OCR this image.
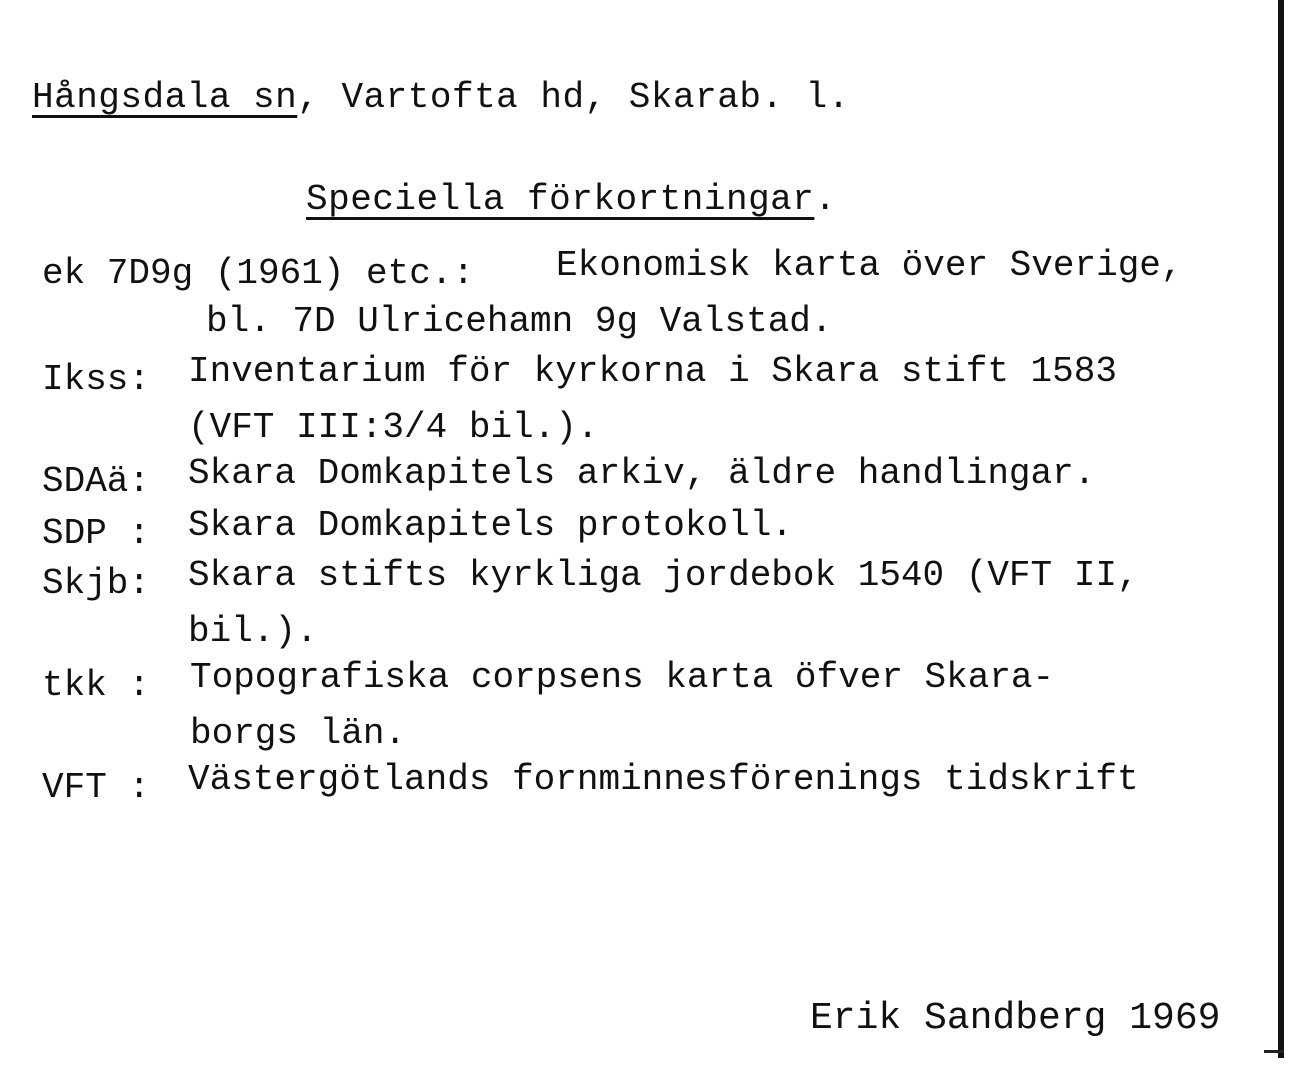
Hångsdala sn, Vartofta hd, Skarab. l.
Speciella förkortningar.
ek 7D9g (1961) etc.: Ekonomisk karta över Sverige,
bl. 7D Ulricehamn 9g Valstad.
Ikss: Inventarium för kyrkorna i Skara stift 1583
(VFT III:3/4 bil.).
SDAä: Skara Domkapitels arkiv, äldre handlingar.
SDP : Skara Domkapitels protokoll.
Skjb: Skara stifts kyrkliga jordebok 1540 (VFT II,
bil.).
tkk : Topografiska corpsens karta öfver Skara-
borgs län.
VFT : Västergötlands fornminnesförenings tidskrift
Erik Sandberg 1969
